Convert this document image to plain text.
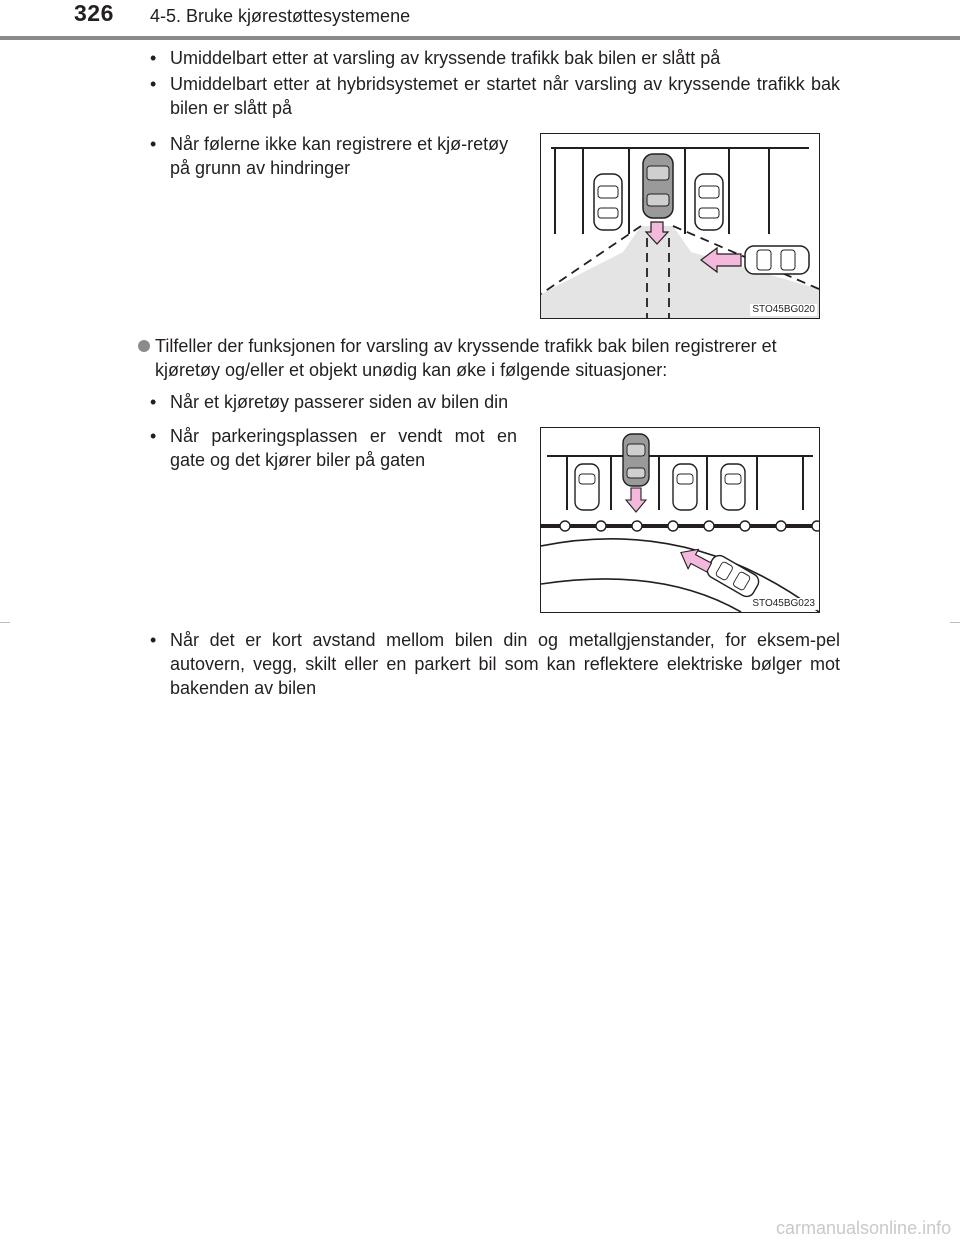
326 4-5. Bruke kjørestøttesystemene
• Umiddelbart etter at varsling av kryssende trafikk bak bilen er slått på
• Umiddelbart etter at hybridsystemet er startet når varsling av kryssende trafikk bak bilen er slått på
• Når følerne ikke kan registrere et kjø-retøy på grunn av hindringer
STO45BG020
Tilfeller der funksjonen for varsling av kryssende trafikk bak bilen registrerer et kjøretøy og/eller et objekt unødig kan øke i følgende situasjoner:
• Når et kjøretøy passerer siden av bilen din
• Når parkeringsplassen er vendt mot en gate og det kjører biler på gaten
STO45BG023
• Når det er kort avstand mellom bilen din og metallgjenstander, for eksem-pel autovern, vegg, skilt eller en parkert bil som kan reflektere elektriske bølger mot bakenden av bilen
carmanualsonline.info
